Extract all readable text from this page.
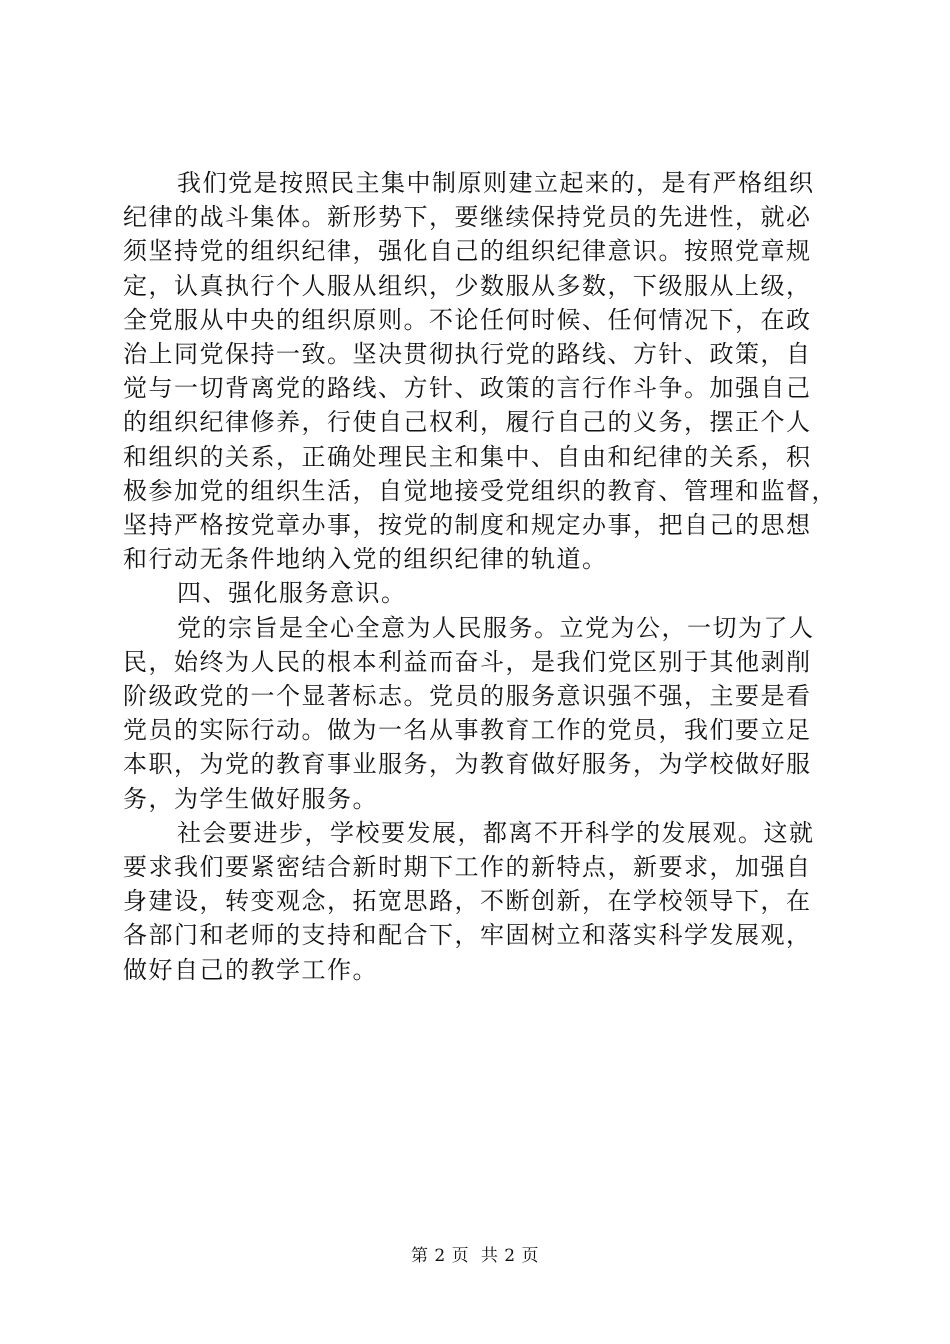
我们党是按照民主集中制原则建立起来的，是有严格组织
纪律的战斗集体。新形势下，要继续保持党员的先进性，就必
须坚持党的组织纪律，强化自己的组织纪律意识。按照党章规
定，认真执行个人服从组织，少数服从多数，下级服从上级，
全党服从中央的组织原则。不论任何时候、任何情况下，在政
治上同党保持一致。坚决贯彻执行党的路线、方针、政策，自
觉与一切背离党的路线、方针、政策的言行作斗争。加强自己
的组织纪律修养，行使自己权利，履行自己的义务，摆正个人
和组织的关系，正确处理民主和集中、自由和纪律的关系，积
极参加党的组织生活，自觉地接受党组织的教育、管理和监督，
坚持严格按党章办事，按党的制度和规定办事，把自己的思想
和行动无条件地纳入党的组织纪律的轨道。
四、强化服务意识。
党的宗旨是全心全意为人民服务。立党为公，一切为了人
民，始终为人民的根本利益而奋斗，是我们党区别于其他剥削
阶级政党的一个显著标志。党员的服务意识强不强，主要是看
党员的实际行动。做为一名从事教育工作的党员，我们要立足
本职，为党的教育事业服务，为教育做好服务，为学校做好服
务，为学生做好服务。
社会要进步，学校要发展，都离不开科学的发展观。这就
要求我们要紧密结合新时期下工作的新特点，新要求，加强自
身建设，转变观念，拓宽思路，不断创新，在学校领导下，在
各部门和老师的支持和配合下，牢固树立和落实科学发展观，
做好自己的教学工作。
第 2 页  共 2 页
